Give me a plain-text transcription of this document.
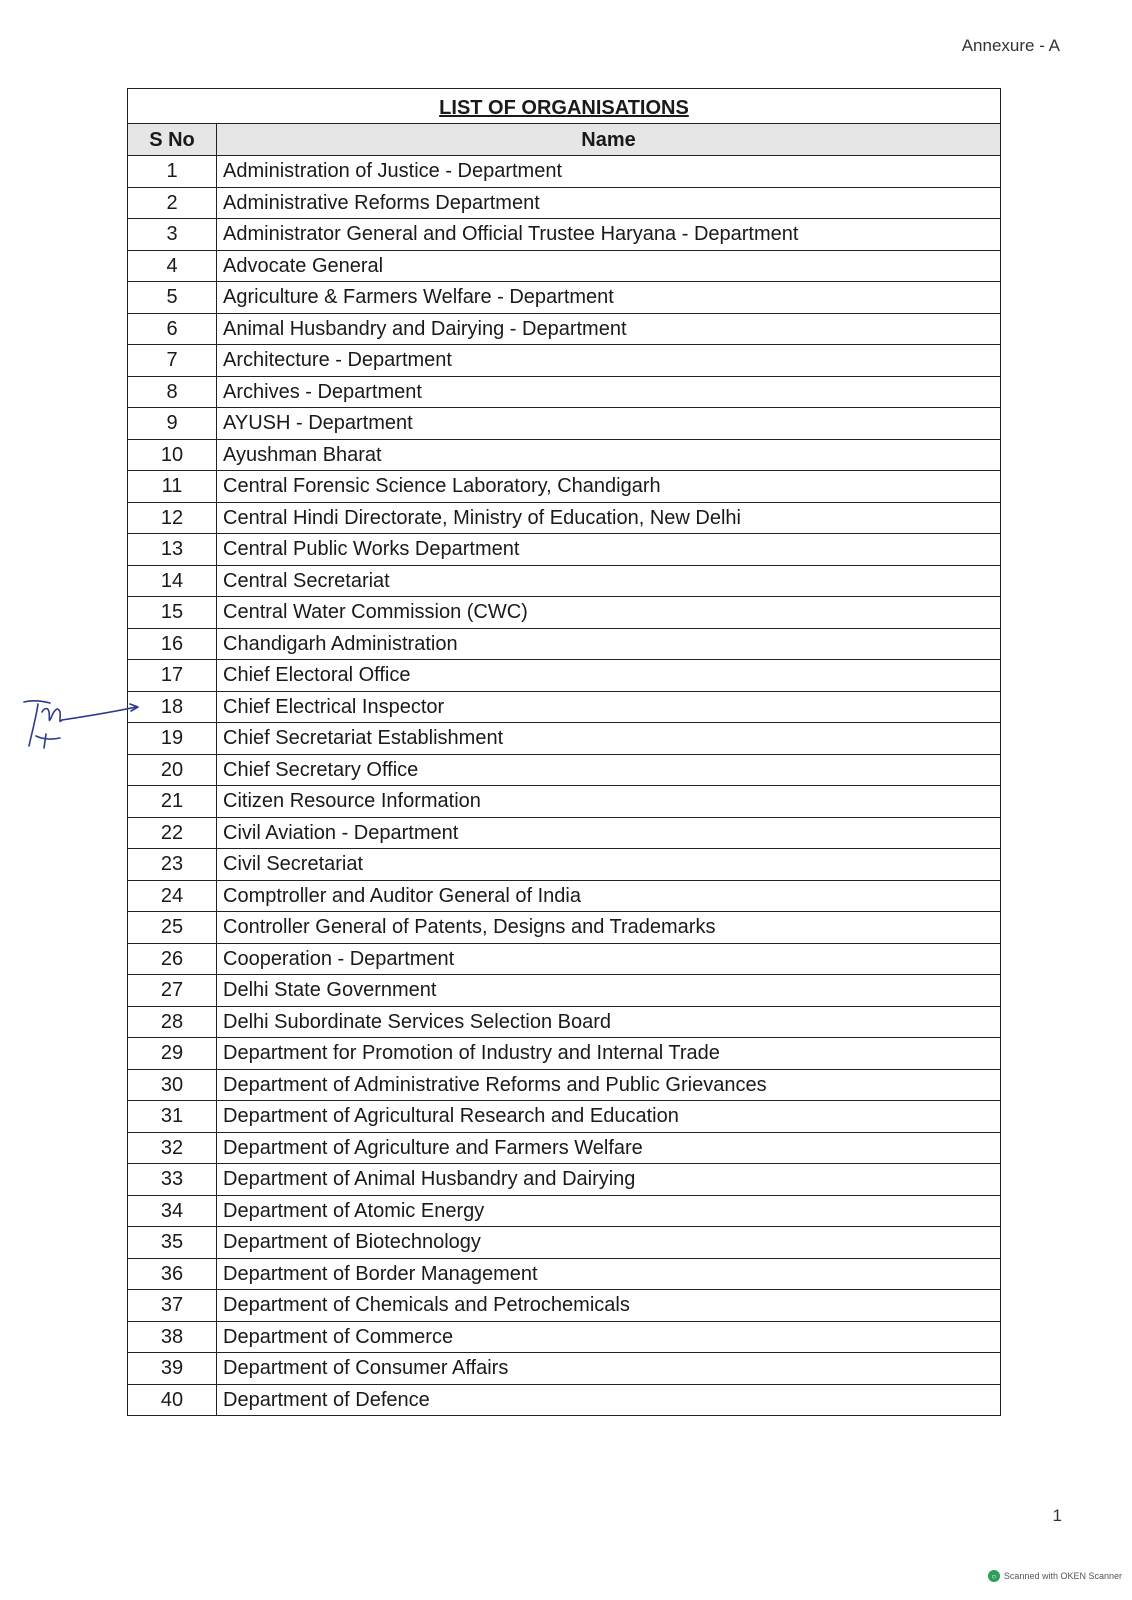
Annexure - A
LIST OF ORGANISATIONS	
S No	Name
1	Administration of Justice - Department
2	Administrative Reforms Department
3	Administrator General and Official Trustee Haryana - Department
4	Advocate General
5	Agriculture & Farmers Welfare - Department
6	Animal Husbandry and Dairying - Department
7	Architecture - Department
8	Archives - Department
9	AYUSH - Department
10	Ayushman Bharat
11	Central Forensic Science Laboratory, Chandigarh
12	Central Hindi Directorate, Ministry of Education, New Delhi
13	Central Public Works Department
14	Central Secretariat
15	Central Water Commission (CWC)
16	Chandigarh Administration
17	Chief Electoral Office
18	Chief Electrical Inspector
19	Chief Secretariat Establishment
20	Chief Secretary Office
21	Citizen Resource Information
22	Civil Aviation - Department
23	Civil Secretariat
24	Comptroller and Auditor General of India
25	Controller General of Patents, Designs and Trademarks
26	Cooperation - Department
27	Delhi State Government
28	Delhi Subordinate Services Selection Board
29	Department for Promotion of Industry and Internal Trade
30	Department of Administrative Reforms and Public Grievances
31	Department of Agricultural Research and Education
32	Department of Agriculture and Farmers Welfare
33	Department of Animal Husbandry and Dairying
34	Department of Atomic Energy
35	Department of Biotechnology
36	Department of Border Management
37	Department of Chemicals and Petrochemicals
38	Department of Commerce
39	Department of Consumer Affairs
40	Department of Defence
1
○ Scanned with OKEN Scanner
